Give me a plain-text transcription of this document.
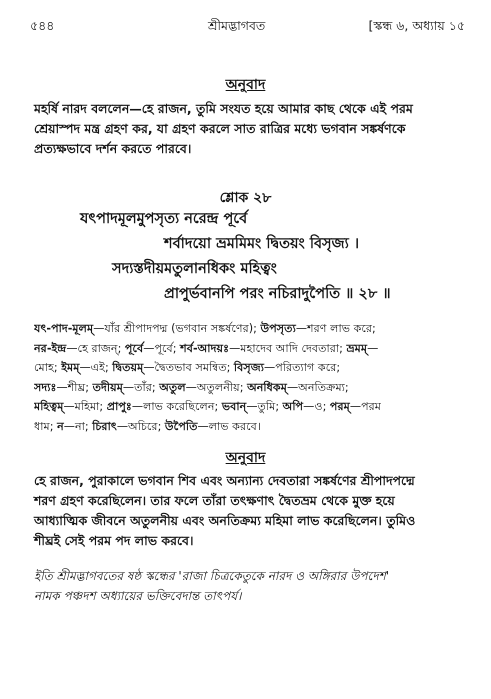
৫৪৪	শ্রীমদ্ভাগবত	[স্কন্ধ ৬, অধ্যায় ১৫
অনুবাদ
মহর্ষি নারদ বললেন—হে রাজন, তুমি সংযত হয়ে আমার কাছ থেকে এই পরম
শ্রেয়াস্পদ মন্ত্র গ্রহণ কর, যা গ্রহণ করলে সাত রাত্রির মধ্যে ভগবান সঙ্কর্ষণকে
প্রত্যক্ষভাবে দর্শন করতে পারবে।
শ্লোক ২৮
যৎপাদমূলমুপসৃত্য নরেন্দ্র পূর্বে
শর্বাদয়ো ভ্রমমিমং দ্বিতয়ং বিসৃজ্য ।
সদ্যস্তদীয়মতুলানধিকং মহিত্বং
প্রাপুর্ভবানপি পরং নচিরাদুপৈতি ॥ ২৮ ॥
যৎ-পাদ-মূলম্—যাঁর শ্রীপাদপদ্ম (ভগবান সঙ্কর্ষণের); উপসৃত্য—শরণ লাভ করে;
নর-ইন্দ্র—হে রাজন্; পূর্বে—পূর্বে; শর্ব-আদয়ঃ—মহাদেব আদি দেবতারা; ভ্রমম্—
মোহ; ইমম্—এই; দ্বিতয়ম্—দ্বৈতভাব সমন্বিত; বিসৃজ্য—পরিত্যাগ করে;
সদ্যঃ—শীঘ্র; তদীয়ম্—তাঁর; অতুল—অতুলনীয়; অনধিকম্—অনতিক্রম্য;
মহিত্বম্—মহিমা; প্রাপুঃ—লাভ করেছিলেন; ভবান্—তুমি; অপি—ও; পরম্—পরম
ধাম; ন—না; চিরাৎ—অচিরে; উপৈতি—লাভ করবে।
অনুবাদ
হে রাজন, পুরাকালে ভগবান শিব এবং অন্যান্য দেবতারা সঙ্কর্ষণের শ্রীপাদপদ্মে
শরণ গ্রহণ করেছিলেন। তার ফলে তাঁরা তৎক্ষণাৎ দ্বৈতভ্রম থেকে মুক্ত হয়ে
আধ্যাত্মিক জীবনে অতুলনীয় এবং অনতিক্রম্য মহিমা লাভ করেছিলেন। তুমিও
শীঘ্রই সেই পরম পদ লাভ করবে।
ইতি শ্রীমদ্ভাগবতের ষষ্ঠ স্কন্ধের 'রাজা চিত্রকেতুকে নারদ ও অঙ্গিরার উপদেশ'
নামক পঞ্চদশ অধ্যায়ের ভক্তিবেদান্ত তাৎপর্য।
